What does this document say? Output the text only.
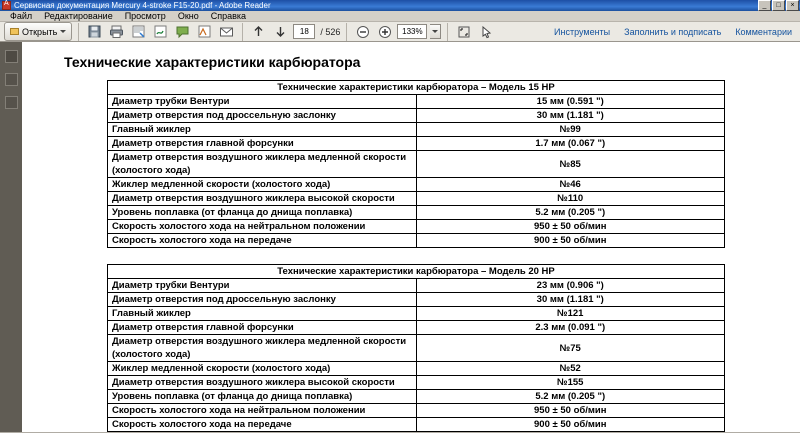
A
Сервисная документация Mercury 4-stroke F15-20.pdf - Adobe Reader	_	□	×
Файл	Редактирование	Просмотр	Окно	Справка
Открыть	18	/ 526	133%	Инструменты Заполнить и подписать Комментарии
Технические характеристики карбюратора
Технические характеристики карбюратора – Модель 15 HP	
Диаметр трубки Вентури	15 мм (0.591 ")
Диаметр отверстия под дроссельную заслонку	30 мм (1.181 ")
Главный жиклер	№99
Диаметр отверстия главной форсунки	1.7 мм (0.067 ")
Диаметр отверстия воздушного жиклера медленной скорости (холостого хода)	№85
Жиклер медленной скорости (холостого хода)	№46
Диаметр отверстия воздушного жиклера высокой скорости	№110
Уровень поплавка (от фланца до днища поплавка)	5.2 мм (0.205 ")
Скорость холостого хода на нейтральном положении	950 ± 50 об/мин
Скорость холостого хода на передаче	900 ± 50 об/мин
Технические характеристики карбюратора – Модель 20 HP	
Диаметр трубки Вентури	23 мм (0.906 ")
Диаметр отверстия под дроссельную заслонку	30 мм (1.181 ")
Главный жиклер	№121
Диаметр отверстия главной форсунки	2.3 мм (0.091 ")
Диаметр отверстия воздушного жиклера медленной скорости (холостого хода)	№75
Жиклер медленной скорости (холостого хода)	№52
Диаметр отверстия воздушного жиклера высокой скорости	№155
Уровень поплавка (от фланца до днища поплавка)	5.2 мм (0.205 ")
Скорость холостого хода на нейтральном положении	950 ± 50 об/мин
Скорость холостого хода на передаче	900 ± 50 об/мин
